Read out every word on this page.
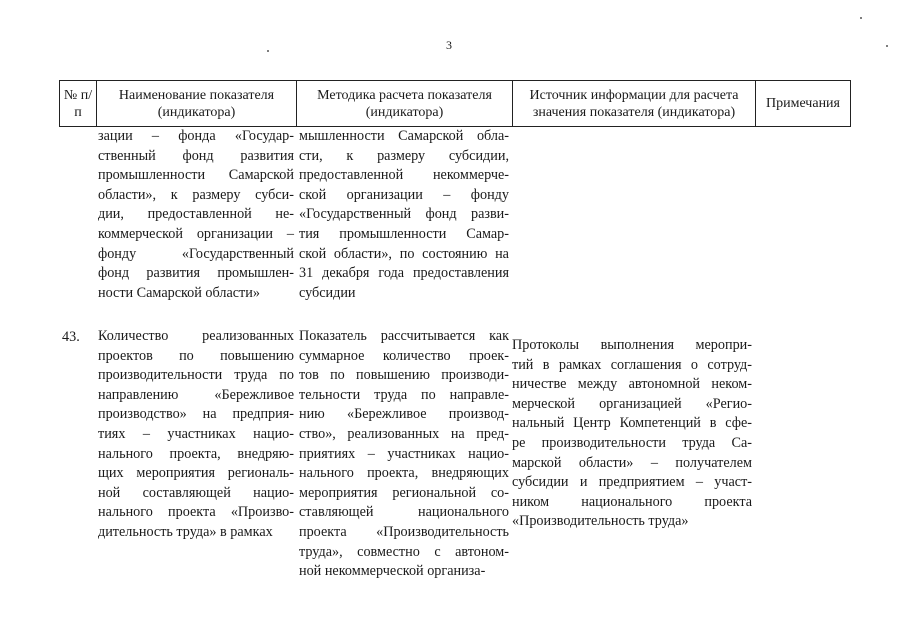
3
№ п/п
Наименование показателя (индикатора)
Методика расчета показателя (индикатора)
Источник информации для расчета значения показателя (индикатора)
Примечания
зации – фонда «Государ-
ственный фонд развития
промышленности Самарской
области», к размеру субси-
дии, предоставленной не-
коммерческой организации –
фонду «Государственный
фонд развития промышлен-
ности Самарской области»
мышленности Самарской обла-
сти, к размеру субсидии,
предоставленной некоммерче-
ской организации – фонду
«Государственный фонд разви-
тия промышленности Самар-
ской области», по состоянию на
31 декабря года предоставления
субсидии
43. Количество реализованных
проектов по повышению
производительности труда по
направлению «Бережливое
производство» на предприя-
тиях – участниках нацио-
нального проекта, внедряю-
щих мероприятия региональ-
ной составляющей нацио-
нального проекта «Произво-
дительность труда» в рамках
Показатель рассчитывается как
суммарное количество проек-
тов по повышению производи-
тельности труда по направле-
нию «Бережливое производ-
ство», реализованных на пред-
приятиях – участниках нацио-
нального проекта, внедряющих
мероприятия региональной со-
ставляющей национального
проекта «Производительность
труда», совместно с автоном-
ной некоммерческой организа-
Протоколы выполнения меропри-
тий в рамках соглашения о сотруд-
ничестве между автономной неком-
мерческой организацией «Регио-
нальный Центр Компетенций в сфе-
ре производительности труда Са-
марской области» – получателем
субсидии и предприятием – участ-
ником национального проекта
«Производительность труда»
